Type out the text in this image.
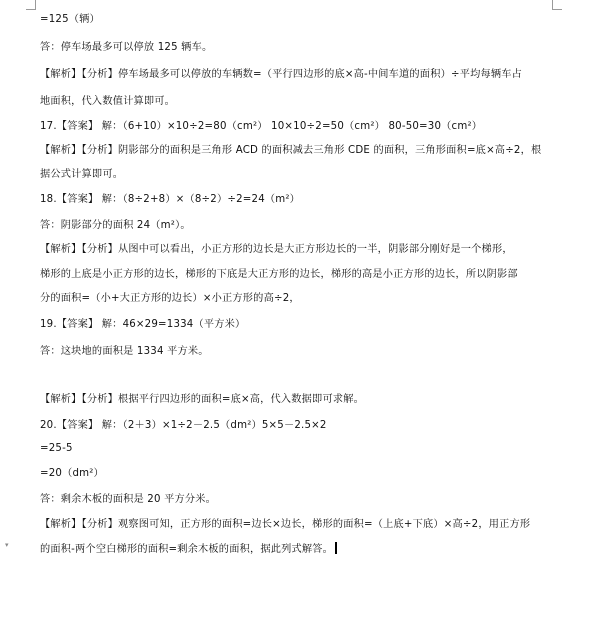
=125（辆）
答：停车场最多可以停放 125 辆车。
【解析】【分析】停车场最多可以停放的车辆数=（平行四边形的底×高-中间车道的面积）÷平均每辆车占
地面积，代入数值计算即可。
17.【答案】 解：（6+10）×10÷2=80（cm²） 10×10÷2=50（cm²） 80-50=30（cm²）
【解析】【分析】阴影部分的面积是三角形 ACD 的面积减去三角形 CDE 的面积，三角形面积=底×高÷2，根
据公式计算即可。
18.【答案】 解：（8÷2+8）×（8÷2）÷2=24（m²）
答：阴影部分的面积 24（m²）。
【解析】【分析】从图中可以看出，小正方形的边长是大正方形边长的一半，阴影部分刚好是一个梯形，
梯形的上底是小正方形的边长，梯形的下底是大正方形的边长，梯形的高是小正方形的边长，所以阴影部
分的面积=（小+大正方形的边长）×小正方形的高÷2，
19.【答案】 解：46×29=1334（平方米）
答：这块地的面积是 1334 平方米。
【解析】【分析】根据平行四边形的面积=底×高，代入数据即可求解。
20.【答案】 解：（2＋3）×1÷2－2.5（dm²）5×5－2.5×2
=25-5
=20（dm²）
答：剩余木板的面积是 20 平方分米。
【解析】【分析】观察图可知，正方形的面积=边长×边长，梯形的面积=（上底+下底）×高÷2，用正方形
的面积-两个空白梯形的面积=剩余木板的面积，据此列式解答。
▾
